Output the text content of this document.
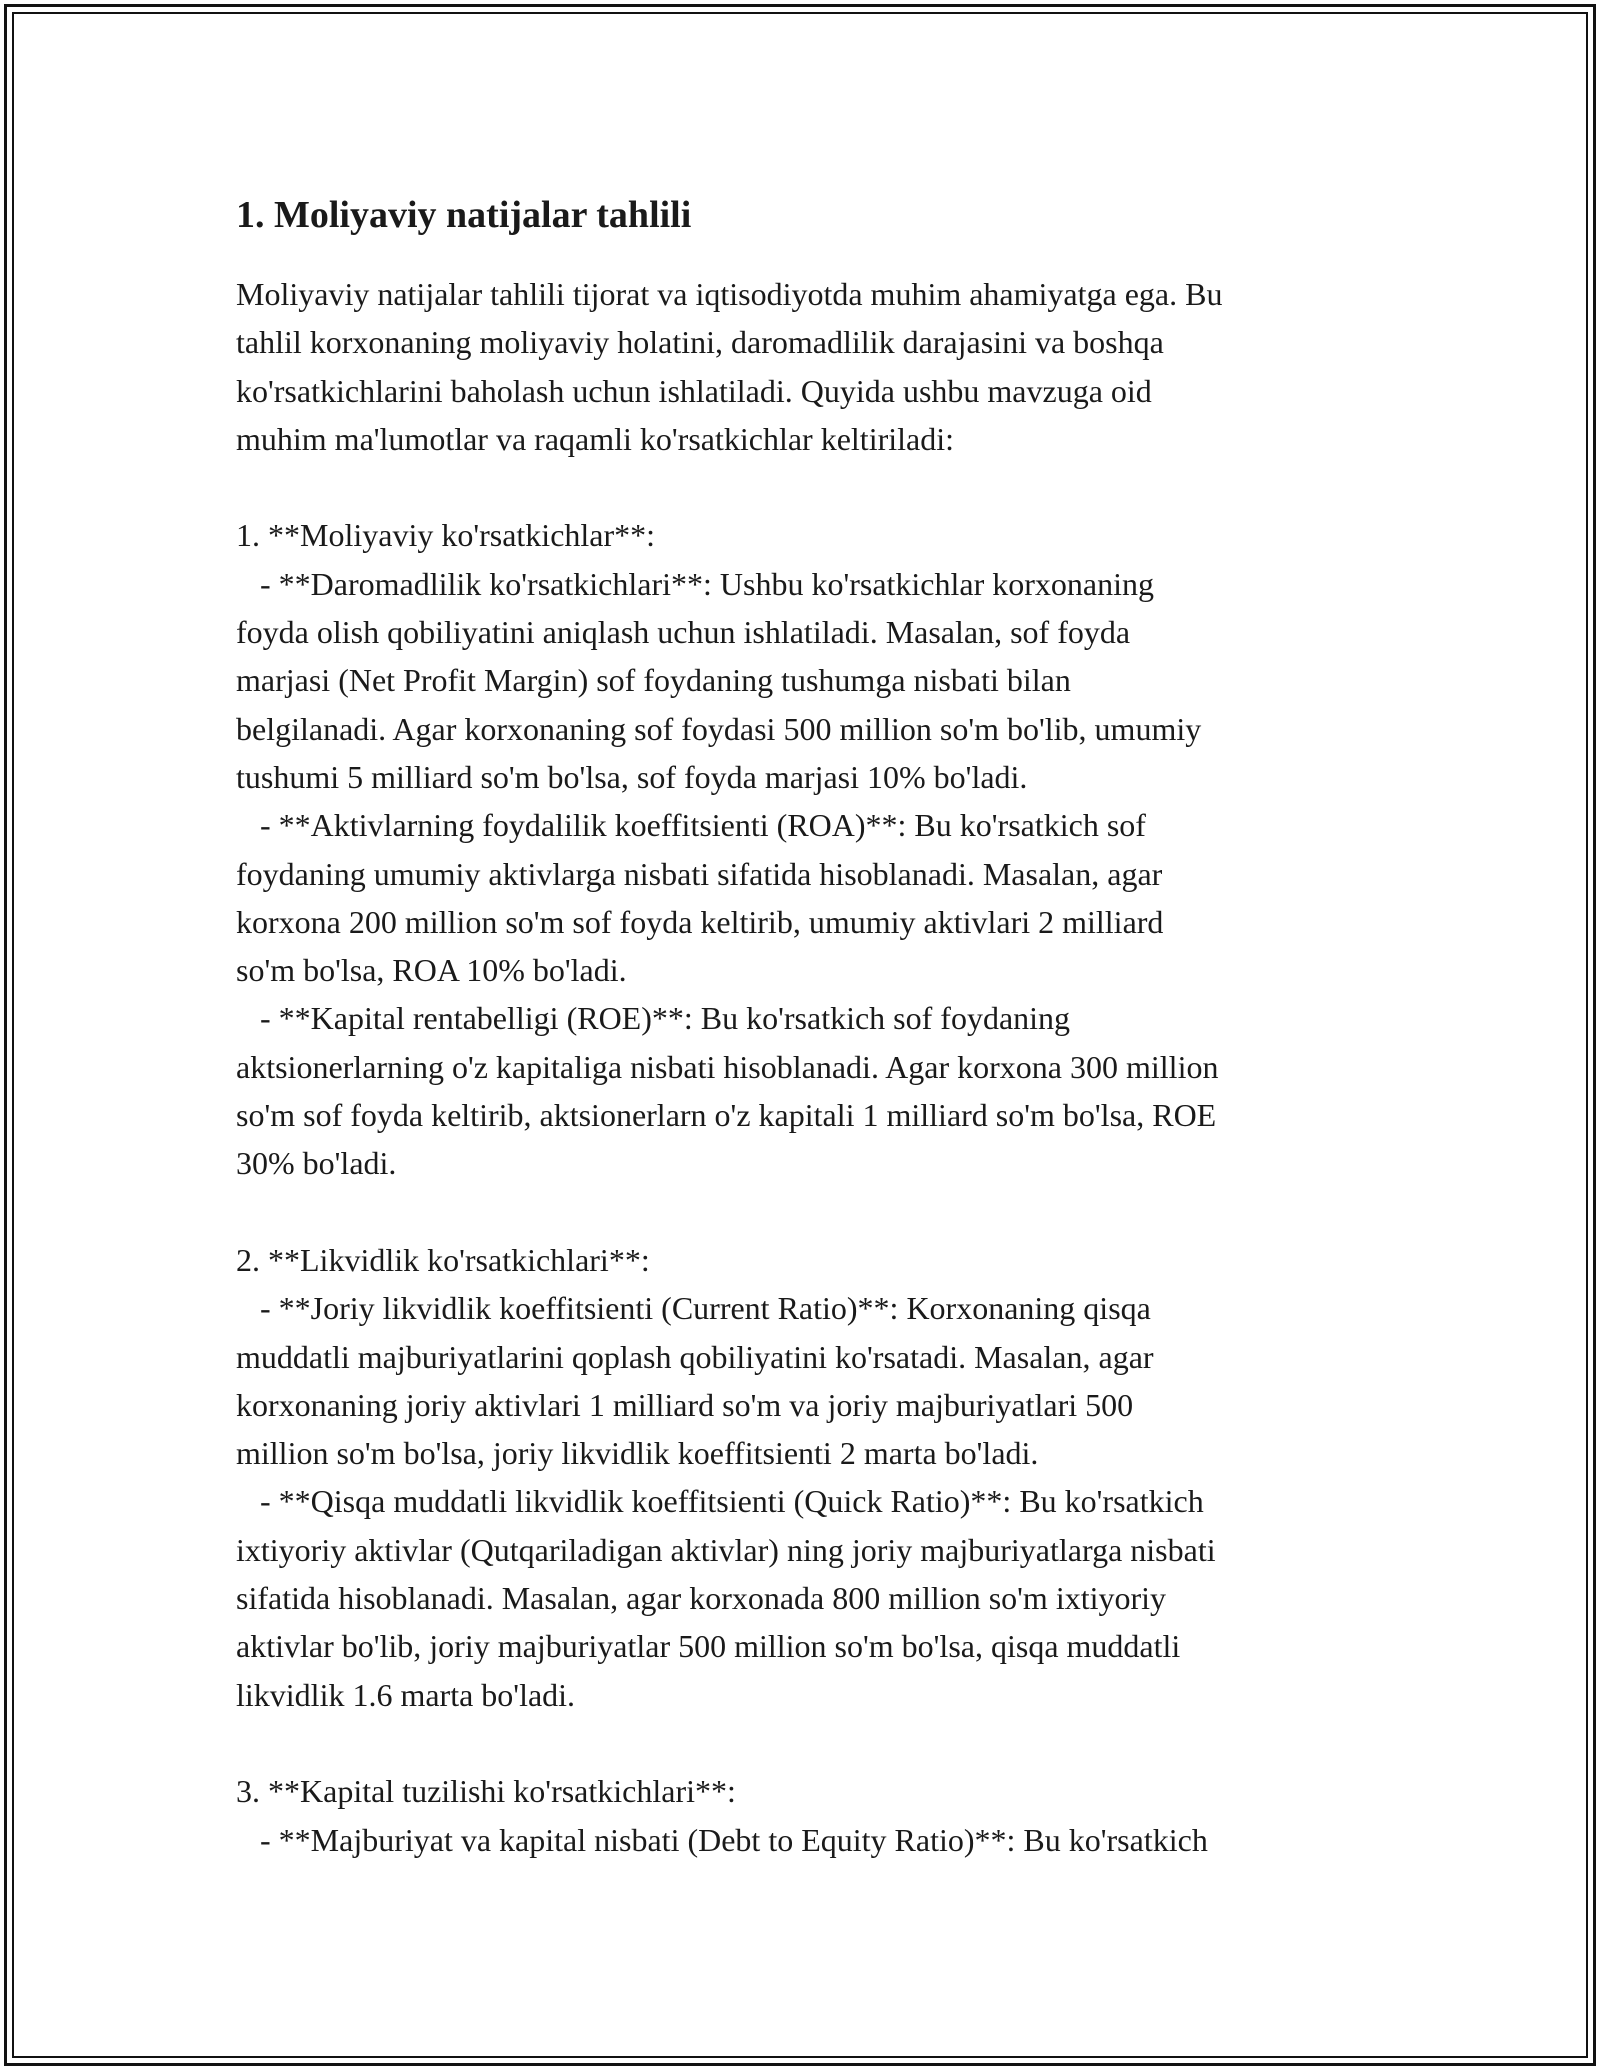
1. Moliyaviy natijalar tahlili

Moliyaviy natijalar tahlili tijorat va iqtisodiyotda muhim ahamiyatga ega. Bu
tahlil korxonaning moliyaviy holatini, daromadlilik darajasini va boshqa
ko'rsatkichlarini baholash uchun ishlatiladi. Quyida ushbu mavzuga oid
muhim ma'lumotlar va raqamli ko'rsatkichlar keltiriladi:

1. **Moliyaviy ko'rsatkichlar**:
- **Daromadlilik ko'rsatkichlari**: Ushbu ko'rsatkichlar korxonaning
foyda olish qobiliyatini aniqlash uchun ishlatiladi. Masalan, sof foyda
marjasi (Net Profit Margin) sof foydaning tushumga nisbati bilan
belgilanadi. Agar korxonaning sof foydasi 500 million so'm bo'lib, umumiy
tushumi 5 milliard so'm bo'lsa, sof foyda marjasi 10% bo'ladi.
- **Aktivlarning foydalilik koeffitsienti (ROA)**: Bu ko'rsatkich sof
foydaning umumiy aktivlarga nisbati sifatida hisoblanadi. Masalan, agar
korxona 200 million so'm sof foyda keltirib, umumiy aktivlari 2 milliard
so'm bo'lsa, ROA 10% bo'ladi.
- **Kapital rentabelligi (ROE)**: Bu ko'rsatkich sof foydaning
aktsionerlarning o'z kapitaliga nisbati hisoblanadi. Agar korxona 300 million
so'm sof foyda keltirib, aktsionerlarn o'z kapitali 1 milliard so'm bo'lsa, ROE
30% bo'ladi.

2. **Likvidlik ko'rsatkichlari**:
- **Joriy likvidlik koeffitsienti (Current Ratio)**: Korxonaning qisqa
muddatli majburiyatlarini qoplash qobiliyatini ko'rsatadi. Masalan, agar
korxonaning joriy aktivlari 1 milliard so'm va joriy majburiyatlari 500
million so'm bo'lsa, joriy likvidlik koeffitsienti 2 marta bo'ladi.
- **Qisqa muddatli likvidlik koeffitsienti (Quick Ratio)**: Bu ko'rsatkich
ixtiyoriy aktivlar (Qutqariladigan aktivlar) ning joriy majburiyatlarga nisbati
sifatida hisoblanadi. Masalan, agar korxonada 800 million so'm ixtiyoriy
aktivlar bo'lib, joriy majburiyatlar 500 million so'm bo'lsa, qisqa muddatli
likvidlik 1.6 marta bo'ladi.

3. **Kapital tuzilishi ko'rsatkichlari**:
- **Majburiyat va kapital nisbati (Debt to Equity Ratio)**: Bu ko'rsatkich
